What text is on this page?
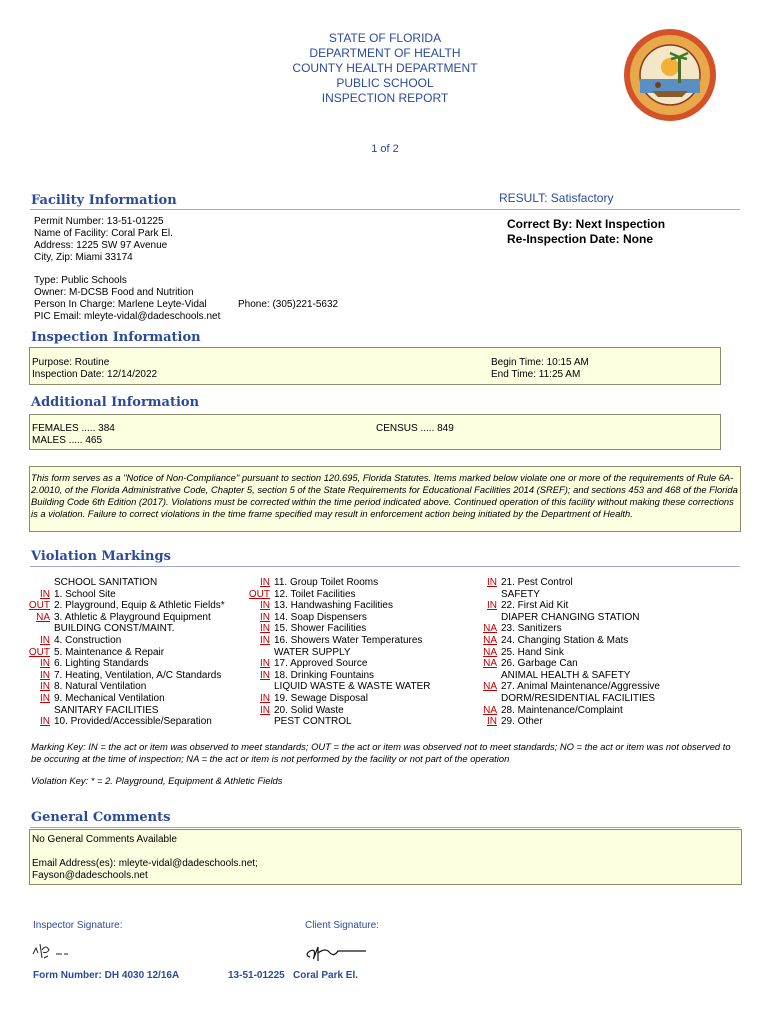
STATE OF FLORIDA
DEPARTMENT OF HEALTH
COUNTY HEALTH DEPARTMENT
PUBLIC SCHOOL
INSPECTION REPORT
1 of 2
Facility Information	RESULT: Satisfactory
Permit Number: 13-51-01225
Name of Facility: Coral Park El.
Address: 1225 SW 97 Avenue
City, Zip: Miami 33174
Correct By: Next Inspection
Re-Inspection Date: None
Type: Public Schools
Owner: M-DCSB Food and Nutrition
Person In Charge: Marlene Leyte-Vidal	Phone: (305)221-5632
PIC Email: mleyte-vidal@dadeschools.net
Inspection Information
Purpose: Routine
Inspection Date: 12/14/2022
Begin Time: 10:15 AM
End Time: 11:25 AM
Additional Information
FEMALES ..... 384
MALES ..... 465
CENSUS ..... 849
This form serves as a "Notice of Non-Compliance" pursuant to section 120.695, Florida Statutes. Items marked below violate one or more of the requirements of Rule 6A-2.0010, of the Florida Administrative Code, Chapter 5, section 5 of the State Requirements for Educational Facilities 2014 (SREF); and sections 453 and 468 of the Florida Building Code 6th Edition (2017). Violations must be corrected within the time period indicated above. Continued operation of this facility without making these corrections is a violation. Failure to correct violations in the time frame specified may result in enforcement action being initiated by the Department of Health.
Violation Markings
SCHOOL SANITATION
IN 1. School Site
OUT 2. Playground, Equip & Athletic Fields*
NA 3. Athletic & Playground Equipment
BUILDING CONST/MAINT.
IN 4. Construction
OUT 5. Maintenance & Repair
IN 6. Lighting Standards
IN 7. Heating, Ventilation, A/C Standards
IN 8. Natural Ventilation
IN 9. Mechanical Ventilation
SANITARY FACILITIES
IN 10. Provided/Accessible/Separation
IN 11. Group Toilet Rooms
OUT 12. Toilet Facilities
IN 13. Handwashing Facilities
IN 14. Soap Dispensers
IN 15. Shower Facilities
IN 16. Showers Water Temperatures
WATER SUPPLY
IN 17. Approved Source
IN 18. Drinking Fountains
LIQUID WASTE & WASTE WATER
IN 19. Sewage Disposal
IN 20. Solid Waste
PEST CONTROL
IN 21. Pest Control
SAFETY
IN 22. First Aid Kit
DIAPER CHANGING STATION
NA 23. Sanitizers
NA 24. Changing Station & Mats
NA 25. Hand Sink
NA 26. Garbage Can
ANIMAL HEALTH & SAFETY
NA 27. Animal Maintenance/Aggressive
DORM/RESIDENTIAL FACILITIES
NA 28. Maintenance/Complaint
IN 29. Other
Marking Key: IN = the act or item was observed to meet standards; OUT = the act or item was observed not to meet standards; NO = the act or item was not observed to be occuring at the time of inspection; NA = the act or item is not performed by the facility or not part of the operation
Violation Key: * = 2. Playground, Equipment & Athletic Fields
General Comments
No General Comments Available
Email Address(es): mleyte-vidal@dadeschools.net;
Fayson@dadeschools.net
Inspector Signature:	Client Signature:
Form Number: DH 4030 12/16A	13-51-01225 Coral Park El.
